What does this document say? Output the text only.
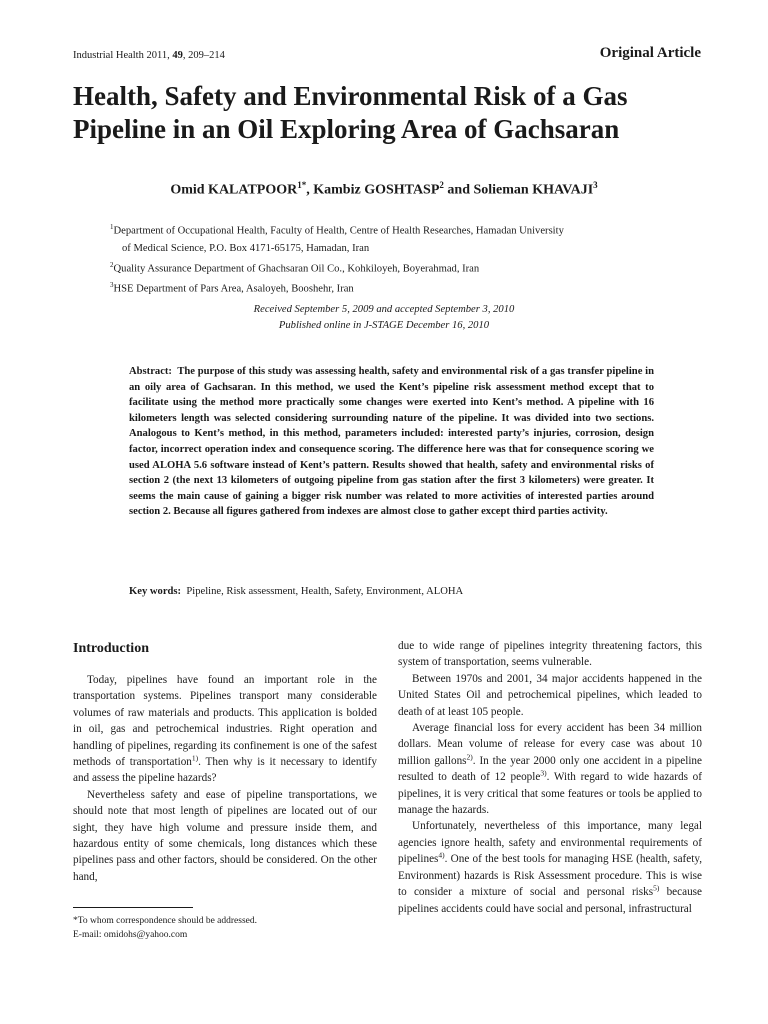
Industrial Health 2011, 49, 209–214	Original Article
Health, Safety and Environmental Risk of a Gas
Pipeline in an Oil Exploring Area of Gachsaran
Omid $KALATPOOR^{1*}$, Kambiz GOSHTASP$^2$ and Solieman KHAVAJI$^3$
$^1$Department of Occupational Health, Faculty of Health, Centre of Health Researches, Hamadan University
of Medical Science, P.O. Box 4171-65175, Hamadan, Iran
$^2$Quality Assurance Department of Ghachsaran Oil Co., Kohkiloyeh, Boyerahmad, Iran
$^3$HSE Department of Pars Area, Asaloyeh, Booshehr, Iran
Received September 5, 2009 and accepted September 3, 2010
Published online in J-STAGE December 16, 2010
Abstract: The purpose of this study was assessing health, safety and environmental risk of a gas transfer pipeline in an oily area of Gachsaran. In this method, we used the Kent’s pipeline risk assessment method except that to facilitate using the method more practically some changes were exerted into Kent’s method. A pipeline with 16 kilometers length was selected considering surrounding nature of the pipeline. It was divided into two sections. Analogous to Kent’s method, in this method, parameters included: interested party’s injuries, corrosion, design factor, incorrect operation index and consequence scoring. The difference here was that for consequence scoring we used ALOHA 5.6 software instead of Kent’s pattern. Results showed that health, safety and environmental risks of section 2 (the next 13 kilometers of outgoing pipeline from gas station after the first 3 kilometers) were greater. It seems the main cause of gaining a bigger risk number was related to more activities of interested parties around section 2. Because all figures gathered from indexes are almost close to gather except third parties activity.
Key words: Pipeline, Risk assessment, Health, Safety, Environment, ALOHA
Introduction

Today, pipelines have found an important role in the transportation systems. Pipelines transport many considerable volumes of raw materials and products. This application is bolded in oil, gas and petrochemical industries. Right operation and handling of pipelines, regarding its confinement is one of the safest methods of transportation$^{1)}$. Then why is it necessary to identify and assess the pipeline hazards?

Nevertheless safety and ease of pipeline transportations, we should note that most length of pipelines are located out of our sight, they have high volume and pressure inside them, and hazardous entity of some chemicals, long distances which these pipelines pass and other factors, should be considered. On the other hand,

due to wide range of pipelines integrity threatening factors, this system of transportation, seems vulnerable.

Between 1970s and 2001, 34 major accidents happened in the United States Oil and petrochemical pipelines, which leaded to death of at least 105 people.

Average financial loss for every accident has been 34 million dollars. Mean volume of release for every case was about 10 million gallons$^{2)}$. In the year 2000 only one accident in a pipeline resulted to death of 12 people$^{3)}$. With regard to wide hazards of pipelines, it is very critical that some features or tools be applied to manage the hazards.

Unfortunately, nevertheless of this importance, many legal agencies ignore health, safety and environmental requirements of pipelines$^{4)}$. One of the best tools for managing HSE (health, safety, Environment) hazards is Risk Assessment procedure. This is wise to consider a mixture of social and personal risks$^{5)}$ because pipelines accidents could have social and personal, infrastructural

*To whom correspondence should be addressed.
E-mail: omidohs@yahoo.com
